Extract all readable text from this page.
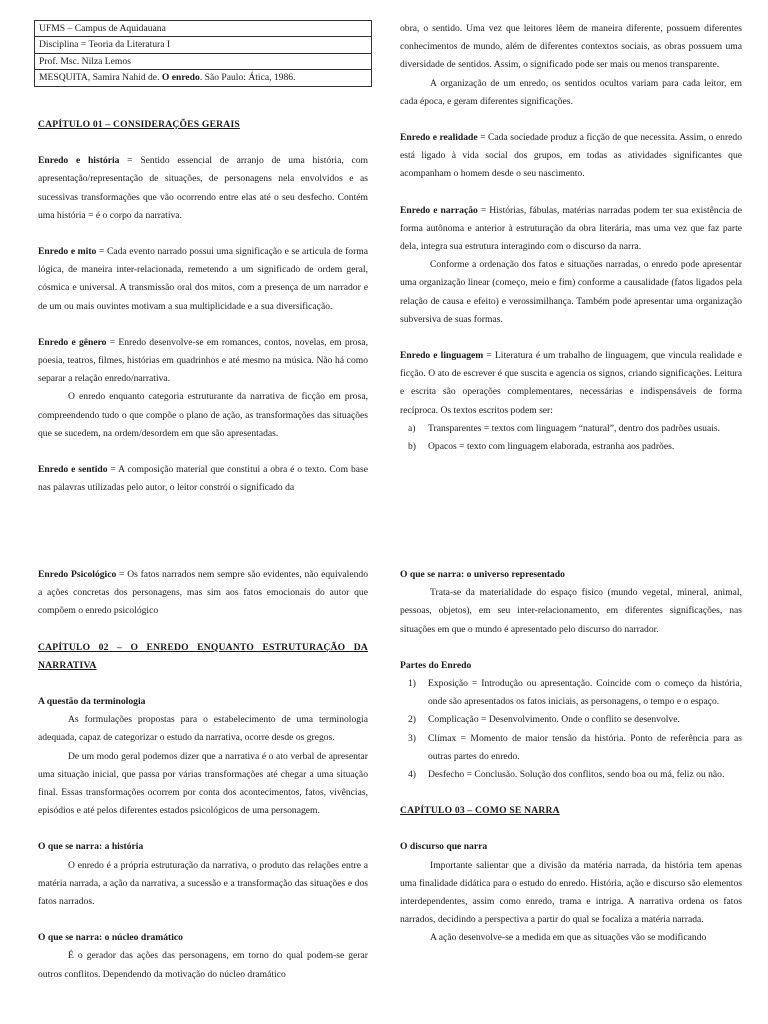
UFMS – Campus de Aquidauana
Disciplina = Teoria da Literatura I
Prof. Msc. Nilza Lemos
MESQUITA, Samira Nahid de. O enredo. São Paulo: Ática, 1986.

CAPÍTULO 01 – CONSIDERAÇÕES GERAIS

Enredo e história = Sentido essencial de arranjo de uma história, com apresentação/representação de situações, de personagens nela envolvidos e as sucessivas transformações que vão ocorrendo entre elas até o seu desfecho. Contém uma história = é o corpo da narrativa.

Enredo e mito = Cada evento narrado possui uma significação e se articula de forma lógica, de maneira inter-relacionada, remetendo a um significado de ordem geral, cósmica e universal. A transmissão oral dos mitos, com a presença de um narrador e de um ou mais ouvintes motivam a sua multiplicidade e a sua diversificação.

Enredo e gênero = Enredo desenvolve-se em romances, contos, novelas, em prosa, poesia, teatros, filmes, histórias em quadrinhos e até mesmo na música. Não há como separar a relação enredo/narrativa.

O enredo enquanto categoria estruturante da narrativa de ficção em prosa, compreendendo tudo o que compõe o plano de ação, as transformações das situações que se sucedem, na ordem/desordem em que são apresentadas.

Enredo e sentido = A composição material que constitui a obra é o texto. Com base nas palavras utilizadas pelo autor, o leitor constrói o significado da

obra, o sentido. Uma vez que leitores lêem de maneira diferente, possuem diferentes conhecimentos de mundo, além de diferentes contextos sociais, as obras possuem uma diversidade de sentidos. Assim, o significado pode ser mais ou menos transparente.

A organização de um enredo, os sentidos ocultos variam para cada leitor, em cada época, e geram diferentes significações.

Enredo e realidade = Cada sociedade produz a ficção de que necessita. Assim, o enredo está ligado à vida social dos grupos, em todas as atividades significantes que acompanham o homem desde o seu nascimento.

Enredo e narração = Histórias, fábulas, matérias narradas podem ter sua existência de forma autônoma e anterior à estruturação da obra literária, mas uma vez que faz parte dela, integra sua estrutura interagindo com o discurso da narra.

Conforme a ordenação dos fatos e situações narradas, o enredo pode apresentar uma organização linear (começo, meio e fim) conforme a causalidade (fatos ligados pela relação de causa e efeito) e verossimilhança. Também pode apresentar uma organização subversiva de suas formas.

Enredo e linguagem = Literatura é um trabalho de linguagem, que vincula realidade e ficção. O ato de escrever é que suscita e agencia os signos, criando significações. Leitura e escrita são operações complementares, necessárias e indispensáveis de forma recíproca. Os textos escritos podem ser:

a) Transparentes = textos com linguagem “natural”, dentro dos padrões usuais.
b) Opacos = texto com linguagem elaborada, estranha aos padrões.

Enredo Psicológico = Os fatos narrados nem sempre são evidentes, não equivalendo a ações concretas dos personagens, mas sim aos fatos emocionais do autor que compõem o enredo psicológico

CAPÍTULO 02 – O ENREDO ENQUANTO ESTRUTURAÇÃO DA NARRATIVA

A questão da terminologia

As formulações propostas para o estabelecimento de uma terminologia adequada, capaz de categorizar o estudo da narrativa, ocorre desde os gregos.

De um modo geral podemos dizer que a narrativa é o ato verbal de apresentar uma situação inicial, que passa por várias transformações até chegar a uma situação final. Essas transformações ocorrem por conta dos acontecimentos, fatos, vivências, episódios e até pelos diferentes estados psicológicos de uma personagem.

O que se narra: a história

O enredo é a própria estruturação da narrativa, o produto das relações entre a matéria narrada, a ação da narrativa, a sucessão e a transformação das situações e dos fatos narrados.

O que se narra: o núcleo dramático

É o gerador das ações das personagens, em torno do qual podem-se gerar outros conflitos. Dependendo da motivação do núcleo dramático

O que se narra: o universo representado

Trata-se da materialidade do espaço físico (mundo vegetal, mineral, animal, pessoas, objetos), em seu inter-relacionamento, em diferentes significações, nas situações em que o mundo é apresentado pelo discurso do narrador.

Partes do Enredo

1) Exposição = Introdução ou apresentação. Coincide com o começo da história, onde são apresentados os fatos iniciais, as personagens, o tempo e o espaço.
2) Complicação = Desenvolvimento. Onde o conflito se desenvolve.
3) Clímax = Momento de maior tensão da história. Ponto de referência para as outras partes do enredo.
4) Desfecho = Conclusão. Solução dos conflitos, sendo boa ou má, feliz ou não.

CAPÍTULO 03 – COMO SE NARRA

O discurso que narra

Importante salientar que a divisão da matéria narrada, da história tem apenas uma finalidade didática para o estudo do enredo. História, ação e discurso são elementos interdependentes, assim como enredo, trama e intriga. A narrativa ordena os fatos narrados, decidindo a perspectiva a partir do qual se focaliza a matéria narrada.

A ação desenvolve-se a medida em que as situações vão se modificando
